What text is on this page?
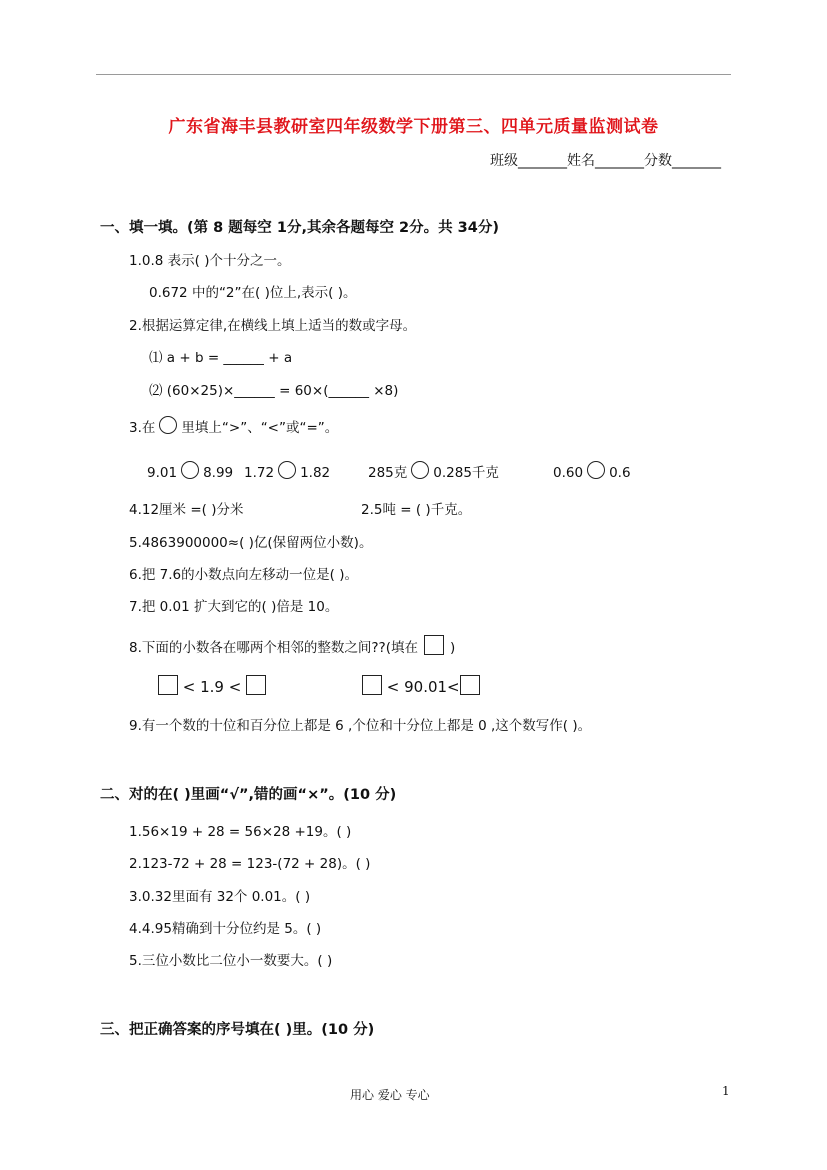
广东省海丰县教研室四年级数学下册第三、四单元质量监测试卷
班级_______姓名_______分数_______
一、填一填。(第 8 题每空 1分,其余各题每空 2分。共 34分)
1.0.8 表示( )个十分之一。
0.672 中的“2”在( )位上,表示( )。
2.根据运算定律,在横线上填上适当的数或字母。
⑴ a + b = ______ + a
⑵ (60×25)×______ = 60×(______ ×8)
3.在 里填上“>”、“<”或“=”。
9.01 8.99 1.72 1.82	285克 0.285千克	0.60 0.6
4.12厘米 =( )分米	2.5吨 = ( )千克。
5.4863900000≈( )亿(保留两位小数)。
6.把 7.6的小数点向左移动一位是( )。
7.把 0.01 扩大到它的( )倍是 10。
8.下面的小数各在哪两个相邻的整数之间??(填在 )
< 1.9 <	< 90.01<
9.有一个数的十位和百分位上都是 6 ,个位和十分位上都是 0 ,这个数写作( )。
二、对的在( )里画“√”,错的画“×”。(10 分)
1.56×19 + 28 = 56×28 +19。( )
2.123-72 + 28 = 123-(72 + 28)。( )
3.0.32里面有 32个 0.01。( )
4.4.95精确到十分位约是 5。( )
5.三位小数比二位小一数要大。( )
三、把正确答案的序号填在( )里。(10 分)
用心 爱心 专心	1
